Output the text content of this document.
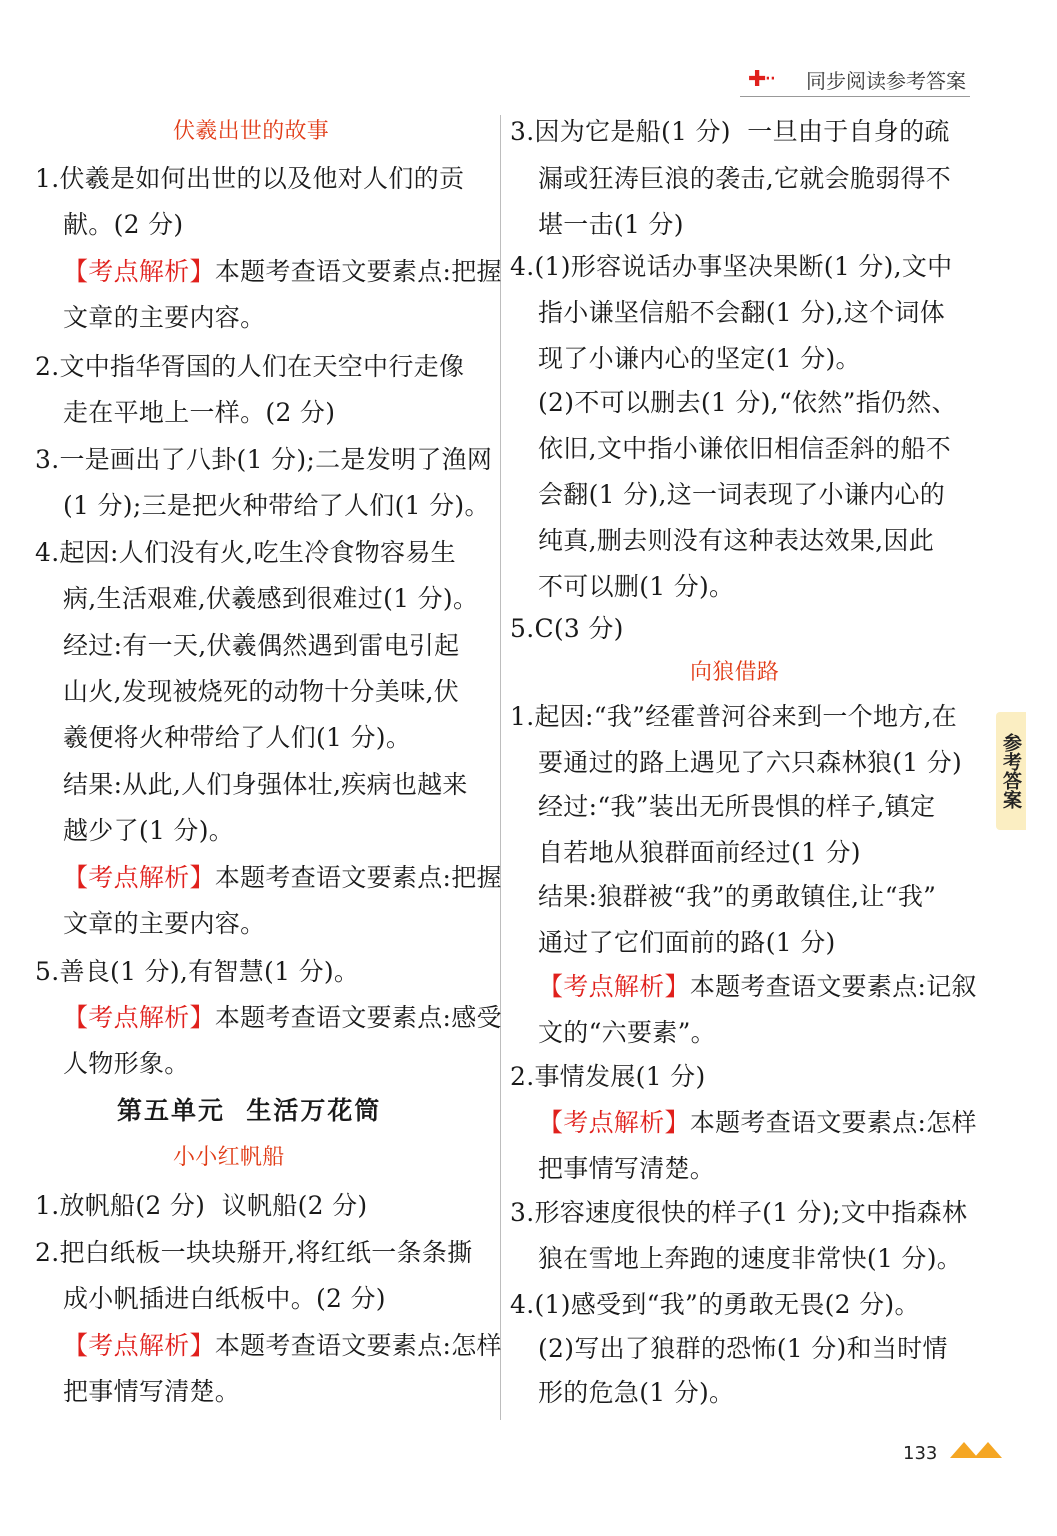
✚·· 同步阅读参考答案
伏羲出世的故事
1.伏羲是如何出世的以及他对人们的贡
献。(2 分)
【考点解析】本题考查语文要素点:把握
文章的主要内容。
2.文中指华胥国的人们在天空中行走像
走在平地上一样。(2 分)
3.一是画出了八卦(1 分);二是发明了渔网
(1 分);三是把火种带给了人们(1 分)。
4.起因:人们没有火,吃生冷食物容易生
病,生活艰难,伏羲感到很难过(1 分)。
经过:有一天,伏羲偶然遇到雷电引起
山火,发现被烧死的动物十分美味,伏
羲便将火种带给了人们(1 分)。
结果:从此,人们身强体壮,疾病也越来
越少了(1 分)。
【考点解析】本题考查语文要素点:把握
文章的主要内容。
5.善良(1 分),有智慧(1 分)。
【考点解析】本题考查语文要素点:感受
人物形象。
第五单元  生活万花筒
小小红帆船
1.放帆船(2 分)  议帆船(2 分)
2.把白纸板一块块掰开,将红纸一条条撕
成小帆插进白纸板中。(2 分)
【考点解析】本题考查语文要素点:怎样
把事情写清楚。
3.因为它是船(1 分)  一旦由于自身的疏
漏或狂涛巨浪的袭击,它就会脆弱得不
堪一击(1 分)
4.(1)形容说话办事坚决果断(1 分),文中
指小谦坚信船不会翻(1 分),这个词体
现了小谦内心的坚定(1 分)。
(2)不可以删去(1 分),“依然”指仍然、
依旧,文中指小谦依旧相信歪斜的船不
会翻(1 分),这一词表现了小谦内心的
纯真,删去则没有这种表达效果,因此
不可以删(1 分)。
5.C(3 分)
向狼借路
1.起因:“我”经霍普河谷来到一个地方,在
要通过的路上遇见了六只森林狼(1 分)
经过:“我”装出无所畏惧的样子,镇定
自若地从狼群面前经过(1 分)
结果:狼群被“我”的勇敢镇住,让“我”
通过了它们面前的路(1 分)
【考点解析】本题考查语文要素点:记叙
文的“六要素”。
2.事情发展(1 分)
【考点解析】本题考查语文要素点:怎样
把事情写清楚。
3.形容速度很快的样子(1 分);文中指森林
狼在雪地上奔跑的速度非常快(1 分)。
4.(1)感受到“我”的勇敢无畏(2 分)。
(2)写出了狼群的恐怖(1 分)和当时情
形的危急(1 分)。
参考答案
133
